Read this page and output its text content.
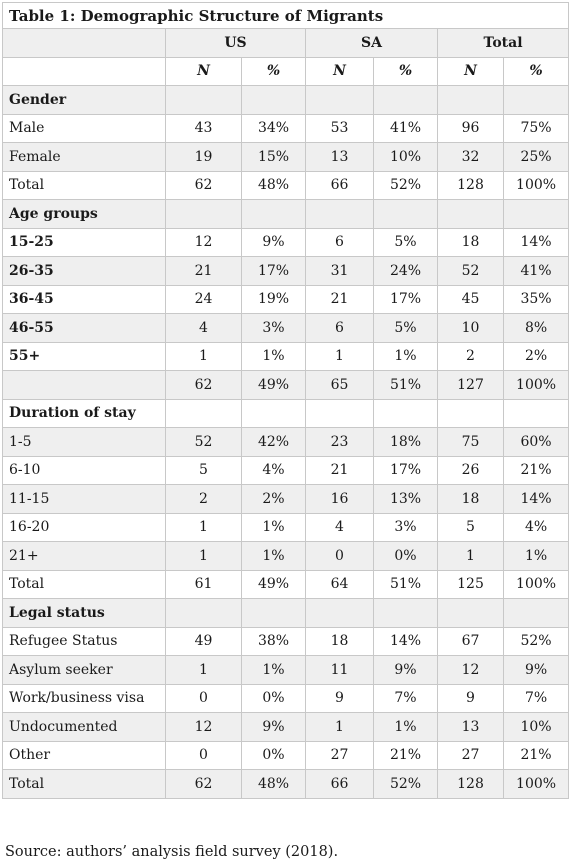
Table 1: Demographic Structure of Migrants						
	US		SA		Total	
	N	%	N	%	N	%
Gender						
Male	43	34%	53	41%	96	75%
Female	19	15%	13	10%	32	25%
Total	62	48%	66	52%	128	100%
Age groups						
15-25	12	9%	6	5%	18	14%
26-35	21	17%	31	24%	52	41%
36-45	24	19%	21	17%	45	35%
46-55	4	3%	6	5%	10	8%
55+	1	1%	1	1%	2	2%
	62	49%	65	51%	127	100%
Duration of stay						
1-5	52	42%	23	18%	75	60%
6-10	5	4%	21	17%	26	21%
11-15	2	2%	16	13%	18	14%
16-20	1	1%	4	3%	5	4%
21+	1	1%	0	0%	1	1%
Total	61	49%	64	51%	125	100%
Legal status						
Refugee Status	49	38%	18	14%	67	52%
Asylum seeker	1	1%	11	9%	12	9%
Work/business visa	0	0%	9	7%	9	7%
Undocumented	12	9%	1	1%	13	10%
Other	0	0%	27	21%	27	21%
Total	62	48%	66	52%	128	100%
Source: authors’ analysis field survey (2018).
